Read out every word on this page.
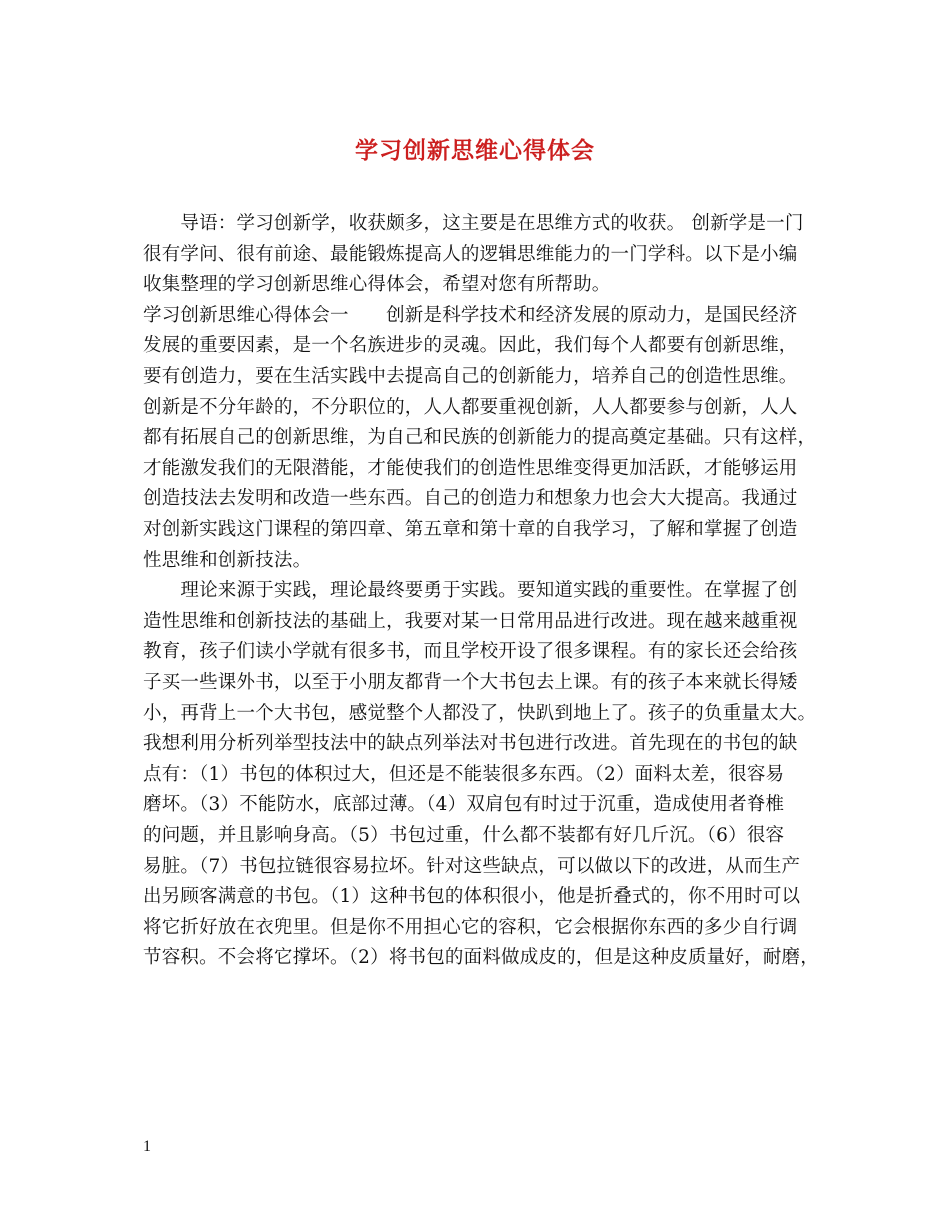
学习创新思维心得体会
　　导语：学习创新学，收获颇多，这主要是在思维方式的收获。 创新学是一门
很有学问、很有前途、最能锻炼提高人的逻辑思维能力的一门学科。以下是小编
收集整理的学习创新思维心得体会，希望对您有所帮助。
学习创新思维心得体会一　　创新是科学技术和经济发展的原动力，是国民经济
发展的重要因素，是一个名族进步的灵魂。因此，我们每个人都要有创新思维，
要有创造力，要在生活实践中去提高自己的创新能力，培养自己的创造性思维。
创新是不分年龄的，不分职位的，人人都要重视创新，人人都要参与创新，人人
都有拓展自己的创新思维，为自己和民族的创新能力的提高奠定基础。只有这样，
才能激发我们的无限潜能，才能使我们的创造性思维变得更加活跃，才能够运用
创造技法去发明和改造一些东西。自己的创造力和想象力也会大大提高。我通过
对创新实践这门课程的第四章、第五章和第十章的自我学习，了解和掌握了创造
性思维和创新技法。
　　理论来源于实践，理论最终要勇于实践。要知道实践的重要性。在掌握了创
造性思维和创新技法的基础上，我要对某一日常用品进行改进。现在越来越重视
教育，孩子们读小学就有很多书，而且学校开设了很多课程。有的家长还会给孩
子买一些课外书，以至于小朋友都背一个大书包去上课。有的孩子本来就长得矮
小，再背上一个大书包，感觉整个人都没了，快趴到地上了。孩子的负重量太大。
我想利用分析列举型技法中的缺点列举法对书包进行改进。首先现在的书包的缺
点有：（1）书包的体积过大，但还是不能装很多东西。（2）面料太差，很容易
磨坏。（3）不能防水，底部过薄。（4）双肩包有时过于沉重，造成使用者脊椎
的问题，并且影响身高。（5）书包过重，什么都不装都有好几斤沉。（6）很容
易脏。（7）书包拉链很容易拉坏。针对这些缺点，可以做以下的改进，从而生产
出另顾客满意的书包。（1）这种书包的体积很小，他是折叠式的，你不用时可以
将它折好放在衣兜里。但是你不用担心它的容积，它会根据你东西的多少自行调
节容积。不会将它撑坏。（2）将书包的面料做成皮的，但是这种皮质量好，耐磨，
1
